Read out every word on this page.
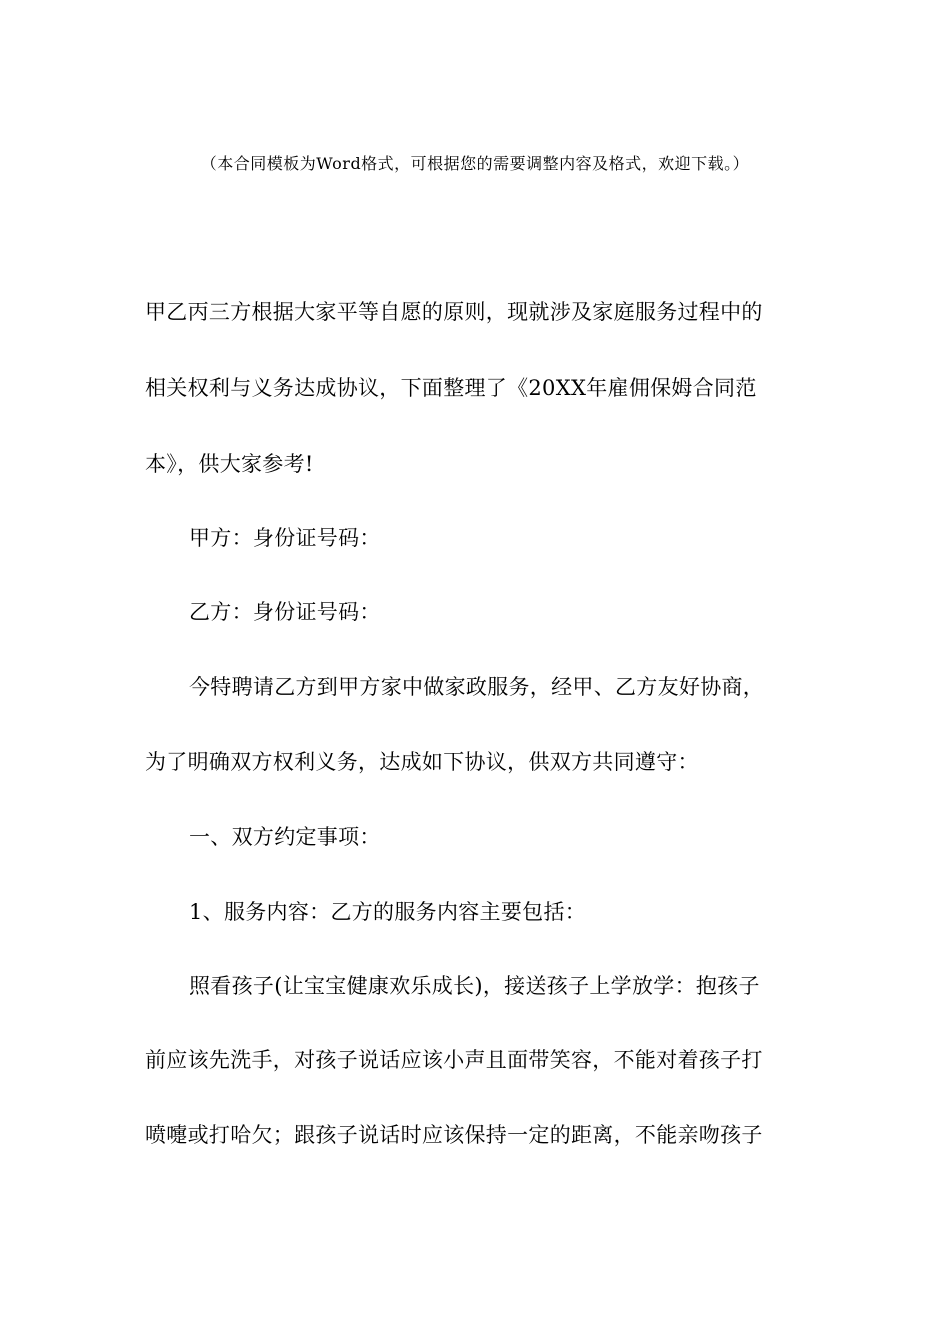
（本合同模板为Word格式，可根据您的需要调整内容及格式，欢迎下载。）
甲乙丙三方根据大家平等自愿的原则，现就涉及家庭服务过程中的
相关权利与义务达成协议，下面整理了《20XX年雇佣保姆合同范
本》，供大家参考!
甲方：身份证号码：
乙方：身份证号码：
今特聘请乙方到甲方家中做家政服务，经甲、乙方友好协商，
为了明确双方权利义务，达成如下协议，供双方共同遵守：
一、双方约定事项：
1、服务内容：乙方的服务内容主要包括：
照看孩子(让宝宝健康欢乐成长)，接送孩子上学放学：抱孩子
前应该先洗手，对孩子说话应该小声且面带笑容，不能对着孩子打
喷嚏或打哈欠；跟孩子说话时应该保持一定的距离，不能亲吻孩子
